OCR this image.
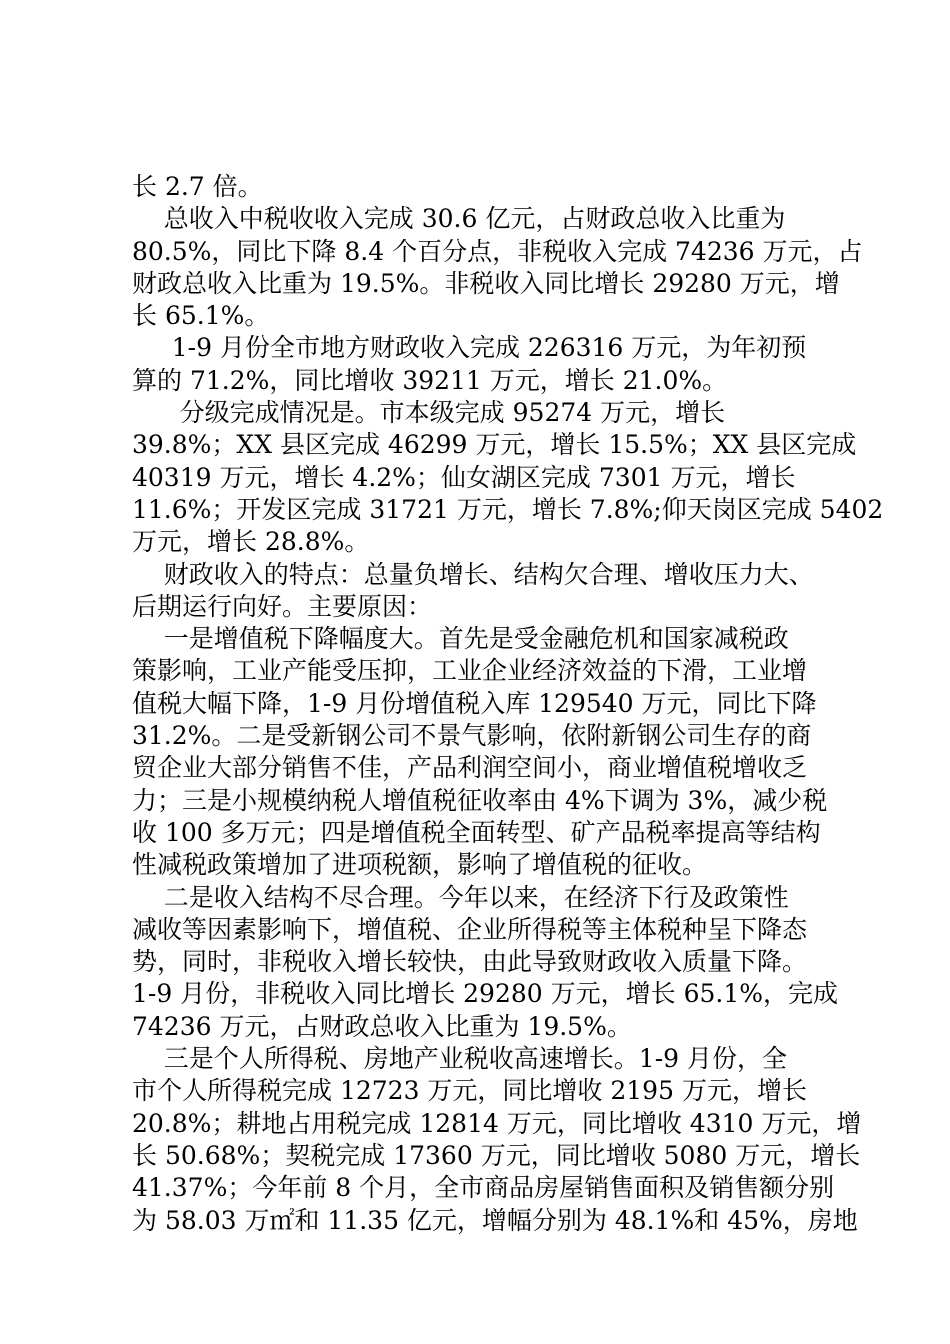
长 2.7 倍。
总收入中税收收入完成 30.6 亿元，占财政总收入比重为
80.5%，同比下降 8.4 个百分点，非税收入完成 74236 万元，占
财政总收入比重为 19.5%。非税收入同比增长 29280 万元，增
长 65.1%。
1-9 月份全市地方财政收入完成 226316 万元，为年初预
算的 71.2%，同比增收 39211 万元，增长 21.0%。
分级完成情况是。市本级完成 95274 万元，增长
39.8%；XX 县区完成 46299 万元，增长 15.5%；XX 县区完成
40319 万元，增长 4.2%；仙女湖区完成 7301 万元，增长
11.6%；开发区完成 31721 万元，增长 7.8%;仰天岗区完成 5402
万元，增长 28.8%。
财政收入的特点：总量负增长、结构欠合理、增收压力大、
后期运行向好。主要原因：
一是增值税下降幅度大。首先是受金融危机和国家减税政
策影响，工业产能受压抑，工业企业经济效益的下滑，工业增
值税大幅下降，1-9 月份增值税入库 129540 万元，同比下降
31.2%。二是受新钢公司不景气影响，依附新钢公司生存的商
贸企业大部分销售不佳，产品利润空间小，商业增值税增收乏
力；三是小规模纳税人增值税征收率由 4%下调为 3%，减少税
收 100 多万元；四是增值税全面转型、矿产品税率提高等结构
性减税政策增加了进项税额，影响了增值税的征收。
二是收入结构不尽合理。今年以来，在经济下行及政策性
减收等因素影响下，增值税、企业所得税等主体税种呈下降态
势，同时，非税收入增长较快，由此导致财政收入质量下降。
1-9 月份，非税收入同比增长 29280 万元，增长 65.1%，完成
74236 万元，占财政总收入比重为 19.5%。
三是个人所得税、房地产业税收高速增长。1-9 月份，全
市个人所得税完成 12723 万元，同比增收 2195 万元，增长
20.8%；耕地占用税完成 12814 万元，同比增收 4310 万元，增
长 50.68%；契税完成 17360 万元，同比增收 5080 万元，增长
41.37%；今年前 8 个月，全市商品房屋销售面积及销售额分别
为 58.03 万㎡和 11.35 亿元，增幅分别为 48.1%和 45%，房地
